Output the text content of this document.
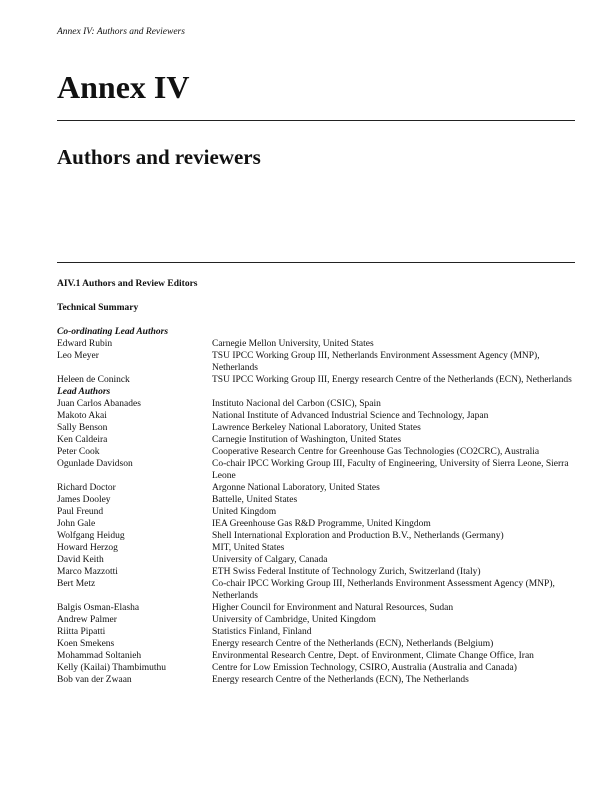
Annex IV: Authors and Reviewers
Annex IV
Authors and reviewers
AIV.1 Authors and Review Editors
Technical Summary
Co-ordinating Lead Authors
Edward Rubin	Carnegie Mellon University, United States
Leo Meyer	TSU IPCC Working Group III, Netherlands Environment Assessment Agency (MNP), Netherlands
Heleen de Coninck	TSU IPCC Working Group III, Energy research Centre of the Netherlands (ECN), Netherlands
Lead Authors
Juan Carlos Abanades	Instituto Nacional del Carbon (CSIC), Spain
Makoto Akai	National Institute of Advanced Industrial Science and Technology, Japan
Sally Benson	Lawrence Berkeley National Laboratory, United States
Ken Caldeira	Carnegie Institution of Washington, United States
Peter Cook	Cooperative Research Centre for Greenhouse Gas Technologies (CO2CRC), Australia
Ogunlade Davidson	Co-chair IPCC Working Group III, Faculty of Engineering, University of Sierra Leone, Sierra Leone
Richard Doctor	Argonne National Laboratory, United States
James Dooley	Battelle, United States
Paul Freund	United Kingdom
John Gale	IEA Greenhouse Gas R&D Programme, United Kingdom
Wolfgang Heidug	Shell International Exploration and Production B.V., Netherlands (Germany)
Howard Herzog	MIT, United States
David Keith	University of Calgary, Canada
Marco Mazzotti	ETH Swiss Federal Institute of Technology Zurich, Switzerland (Italy)
Bert Metz	Co-chair IPCC Working Group III, Netherlands Environment Assessment Agency (MNP), Netherlands
Balgis Osman-Elasha	Higher Council for Environment and Natural Resources, Sudan
Andrew Palmer	University of Cambridge, United Kingdom
Riitta Pipatti	Statistics Finland, Finland
Koen Smekens	Energy research Centre of the Netherlands (ECN), Netherlands (Belgium)
Mohammad Soltanieh	Environmental Research Centre, Dept. of Environment, Climate Change Office, Iran
Kelly (Kailai) Thambimuthu	Centre for Low Emission Technology, CSIRO, Australia (Australia and Canada)
Bob van der Zwaan	Energy research Centre of the Netherlands (ECN), The Netherlands
